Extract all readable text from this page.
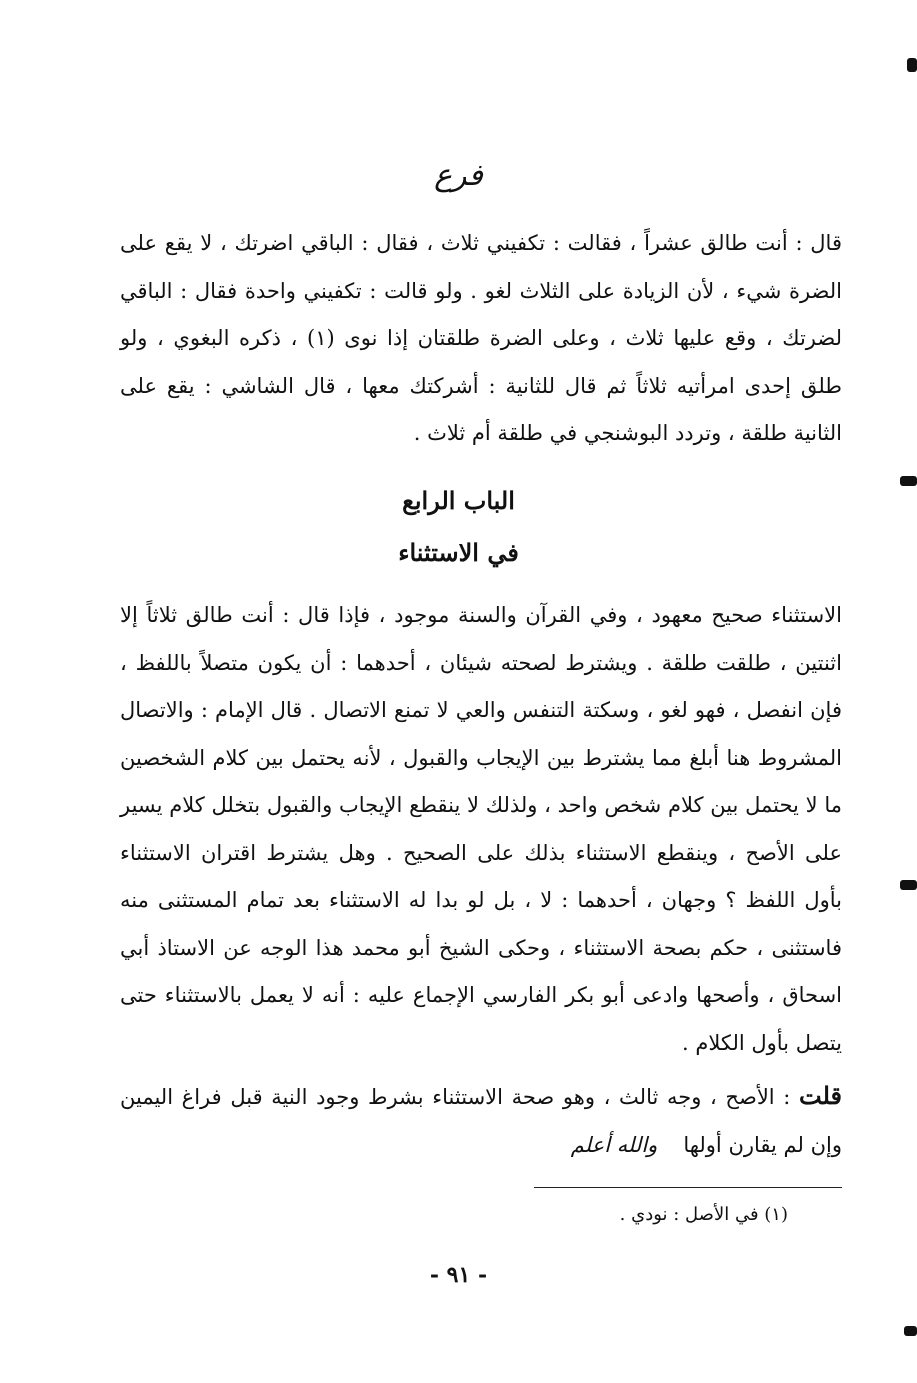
فرع
قال : أنت طالق عشراً ، فقالت : تكفيني ثلاث ، فقال : الباقي اضرتك ، لا يقع على الضرة شيء ، لأن الزيادة على الثلاث لغو . ولو قالت : تكفيني واحدة فقال : الباقي لضرتك ، وقع عليها ثلاث ، وعلى الضرة طلقتان إذا نوى (١) ، ذكره البغوي ، ولو طلق إحدى امرأتيه ثلاثاً ثم قال للثانية : أشركتك معها ، قال الشاشي : يقع على الثانية طلقة ، وتردد البوشنجي في طلقة أم ثلاث .
الباب الرابع
في الاستثناء
الاستثناء صحيح معهود ، وفي القرآن والسنة موجود ، فإذا قال : أنت طالق ثلاثاً إلا اثنتين ، طلقت طلقة . ويشترط لصحته شيئان ، أحدهما : أن يكون متصلاً باللفظ ، فإن انفصل ، فهو لغو ، وسكتة التنفس والعي لا تمنع الاتصال . قال الإمام : والاتصال المشروط هنا أبلغ مما يشترط بين الإيجاب والقبول ، لأنه يحتمل بين كلام الشخصين ما لا يحتمل بين كلام شخص واحد ، ولذلك لا ينقطع الإيجاب والقبول بتخلل كلام يسير على الأصح ، وينقطع الاستثناء بذلك على الصحيح . وهل يشترط اقتران الاستثناء بأول اللفظ ؟ وجهان ، أحدهما : لا ، بل لو بدا له الاستثناء بعد تمام المستثنى منه فاستثنى ، حكم بصحة الاستثناء ، وحكى الشيخ أبو محمد هذا الوجه عن الاستاذ أبي اسحاق ، وأصحها وادعى أبو بكر الفارسي الإجماع عليه : أنه لا يعمل بالاستثناء حتى يتصل بأول الكلام .
قلت : الأصح ، وجه ثالث ، وهو صحة الاستثناء بشرط وجود النية قبل فراغ اليمين وإن لم يقارن أولهاوالله أعلم
(١) في الأصل : نودي .
- ٩١ -
